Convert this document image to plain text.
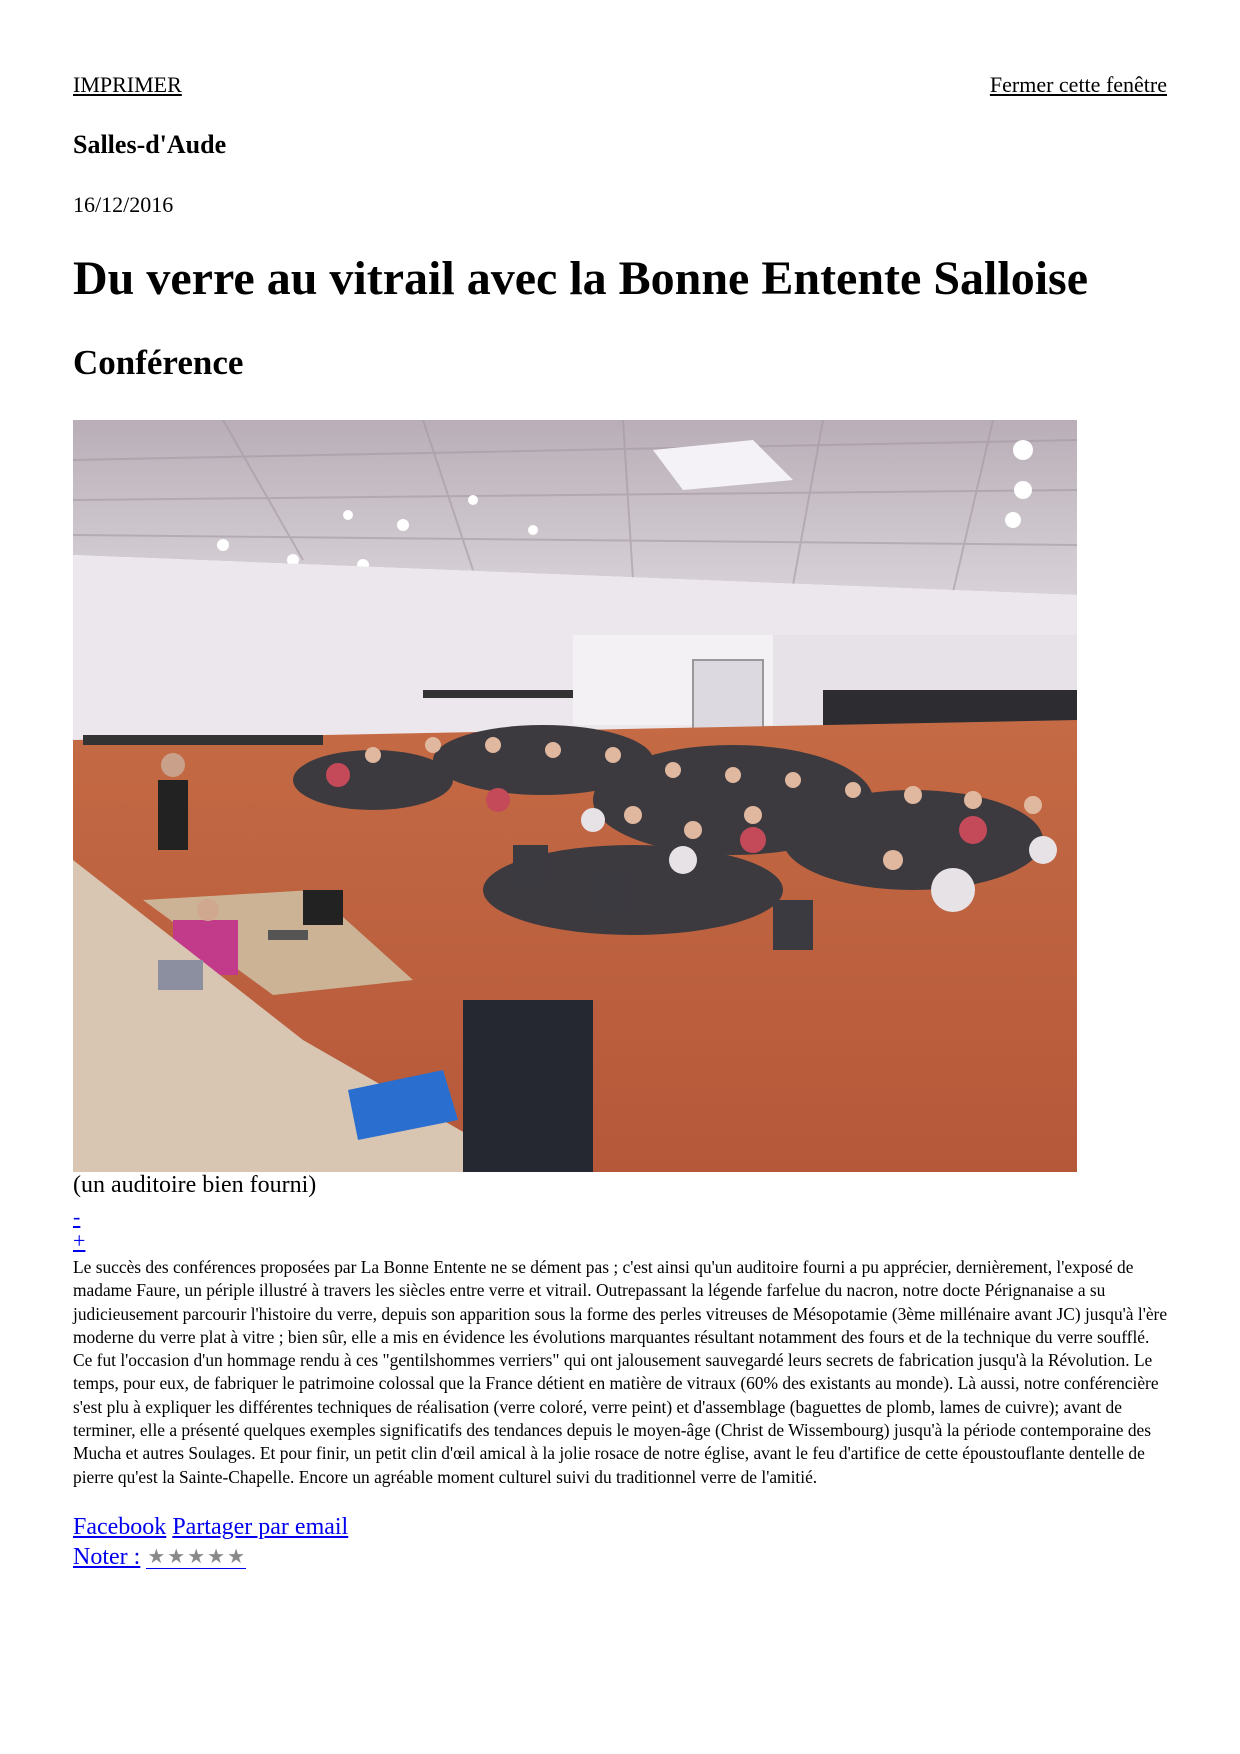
IMPRIMER	Fermer cette fenêtre
Salles-d'Aude

16/12/2016

Du verre au vitrail avec la Bonne Entente Salloise
Conférence
(un auditoire bien fourni)
-
+

Le succès des conférences proposées par La Bonne Entente ne se dément pas ; c'est ainsi qu'un auditoire fourni a pu apprécier, dernièrement, l'exposé de madame Faure, un périple illustré à travers les siècles entre verre et vitrail. Outrepassant la légende farfelue du nacron, notre docte Pérignanaise a su judicieusement parcourir l'histoire du verre, depuis son apparition sous la forme des perles vitreuses de Mésopotamie (3ème millénaire avant JC) jusqu'à l'ère moderne du verre plat à vitre ; bien sûr, elle a mis en évidence les évolutions marquantes résultant notamment des fours et de la technique du verre soufflé. Ce fut l'occasion d'un hommage rendu à ces "gentilshommes verriers" qui ont jalousement sauvegardé leurs secrets de fabrication jusqu'à la Révolution. Le temps, pour eux, de fabriquer le patrimoine colossal que la France détient en matière de vitraux (60% des existants au monde). Là aussi, notre conférencière s'est plu à expliquer les différentes techniques de réalisation (verre coloré, verre peint) et d'assemblage (baguettes de plomb, lames de cuivre); avant de terminer, elle a présenté quelques exemples significatifs des tendances depuis le moyen-âge (Christ de Wissembourg) jusqu'à la période contemporaine des Mucha et autres Soulages. Et pour finir, un petit clin d'œil amical à la jolie rosace de notre église, avant le feu d'artifice de cette époustouflante dentelle de pierre qu'est la Sainte-Chapelle. Encore un agréable moment culturel suivi du traditionnel verre de l'amitié.

Facebook Partager par email
Noter : ★ ★ ★ ★ ★
